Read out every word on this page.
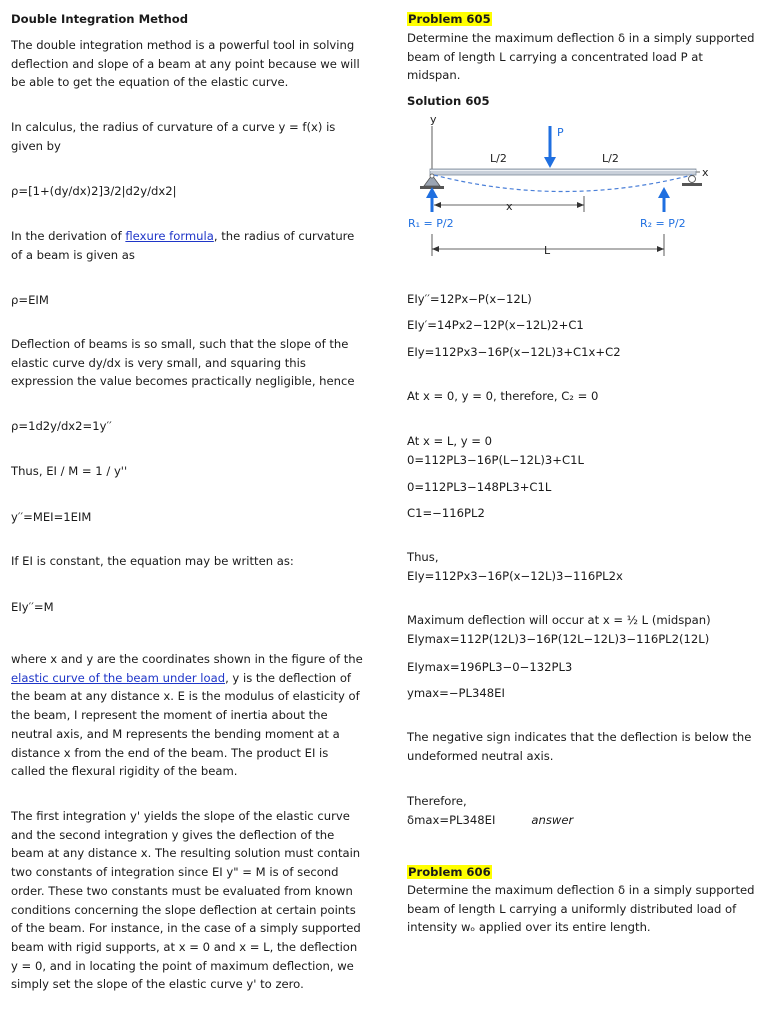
Double Integration Method
The double integration method is a powerful tool in solving deflection and slope of a beam at any point because we will be able to get the equation of the elastic curve.
In calculus, the radius of curvature of a curve y = f(x) is given by
ρ=[1+(dy/dx)2]3/2|d2y/dx2|
In the derivation of flexure formula, the radius of curvature of a beam is given as
ρ=EIM
Deflection of beams is so small, such that the slope of the elastic curve dy/dx is very small, and squaring this expression the value becomes practically negligible, hence
ρ=1d2y/dx2=1y′′
Thus, EI / M = 1 / y''
y′′=MEI=1EIM
If EI is constant, the equation may be written as:
EIy′′=M
where x and y are the coordinates shown in the figure of the elastic curve of the beam under load, y is the deflection of the beam at any distance x. E is the modulus of elasticity of the beam, I represent the moment of inertia about the neutral axis, and M represents the bending moment at a distance x from the end of the beam. The product EI is called the flexural rigidity of the beam.
The first integration y' yields the slope of the elastic curve and the second integration y gives the deflection of the beam at any distance x. The resulting solution must contain two constants of integration since EI y" = M is of second order. These two constants must be evaluated from known conditions concerning the slope deflection at certain points of the beam. For instance, in the case of a simply supported beam with rigid supports, at x = 0 and x = L, the deflection y = 0, and in locating the point of maximum deflection, we simply set the slope of the elastic curve y' to zero.
Problem 605
Determine the maximum deflection δ in a simply supported beam of length L carrying a concentrated load P at midspan.
Solution 605
y
x
P
L/2	L/2
x
R₁ = P/2	R₂ = P/2
L
EIy′′=12Px−P(x−12L)
EIy′=14Px2−12P(x−12L)2+C1
EIy=112Px3−16P(x−12L)3+C1x+C2
At x = 0, y = 0, therefore, C₂ = 0
At x = L, y = 0
0=112PL3−16P(L−12L)3+C1L
0=112PL3−148PL3+C1L
C1=−116PL2
Thus,
EIy=112Px3−16P(x−12L)3−116PL2x
Maximum deflection will occur at x = ½ L (midspan)
EIymax=112P(12L)3−16P(12L−12L)3−116PL2(12L)
EIymax=196PL3−0−132PL3
ymax=−PL348EI
The negative sign indicates that the deflection is below the undeformed neutral axis.
Therefore,
δmax=PL348EI	answer
Problem 606
Determine the maximum deflection δ in a simply supported beam of length L carrying a uniformly distributed load of intensity wₒ applied over its entire length.
